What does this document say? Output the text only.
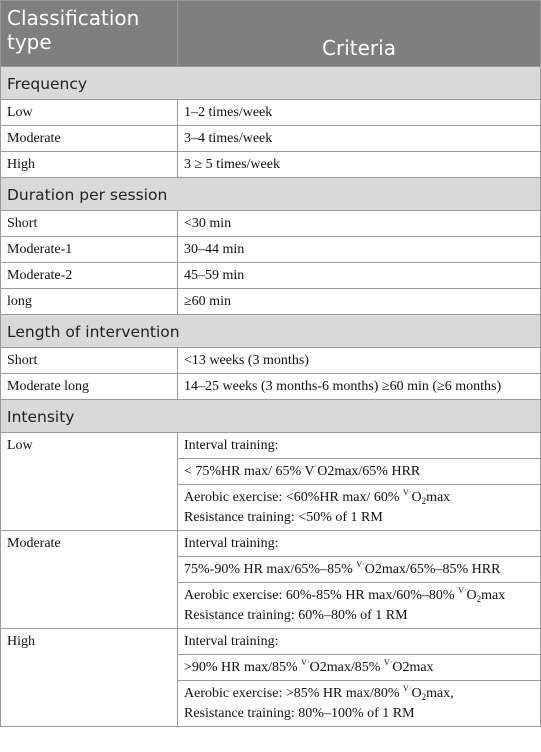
Classification type	Criteria
Frequency	
Low	1–2 times/week
Moderate	3–4 times/week
High	3 ≥ 5 times/week
Duration per session	
Short	<30 min
Moderate-1	30–44 min
Moderate-2	45–59 min
long	≥60 min
Length of intervention	
Short	<13 weeks (3 months)
Moderate long	14–25 weeks (3 months-6 months) ≥60 min (≥6 months)
Intensity	
Low	Interval training:
	< 75%HR max/ 65% V·O2max/65% HRR
	Aerobic exercise: <60%HR max/ 60% $^{V\cdot}O_2\max$
Resistance training: <50% of 1 RM
Moderate	Interval training:
	75%-90% HR max/65%–85% $^{V\cdot}$O2max/65%–85% HRR
	Aerobic exercise: 60%-85% HR max/60%–80% $^{V\cdot}O_2\max$ Resistance training: 60%–80% of 1 RM
High	Interval training:
	>90% HR max/85% $^{V\cdot}$O2max/85% $^{V\cdot}$O2max
	Aerobic exercise: >85% HR max/80% $^{V\cdot}O_2\max$,
Resistance training: 80%–100% of 1 RM
